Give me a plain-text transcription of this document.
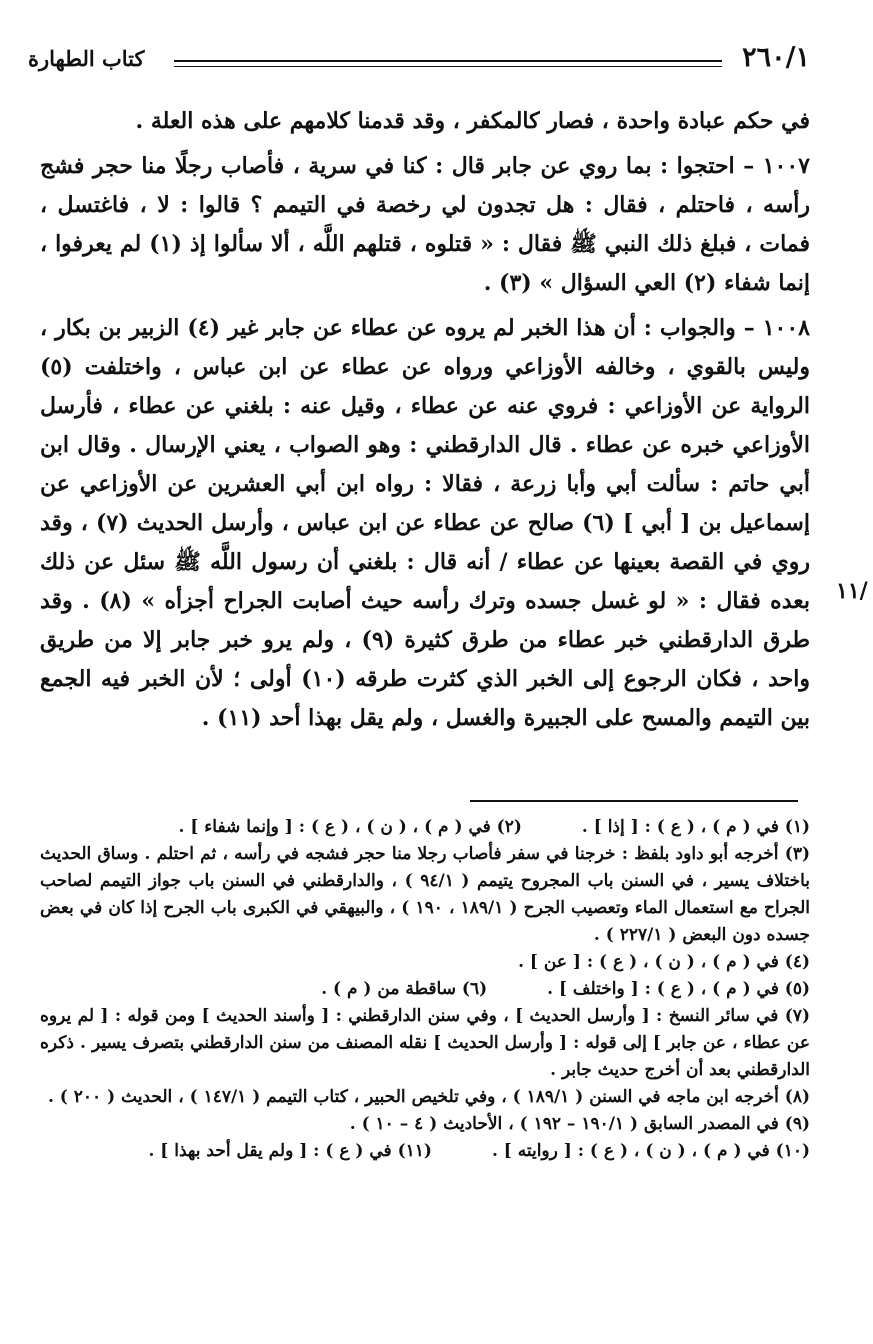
٢٦٠/١
كتاب الطهارة

في حكم عبادة واحدة ، فصار كالمكفر ، وقد قدمنا كلامهم على هذه العلة .

١٠٠٧ – احتجوا : بما روي عن جابر قال : كنا في سرية ، فأصاب رجلًا منا حجر فشج رأسه ، فاحتلم ، فقال : هل تجدون لي رخصة في التيمم ؟ قالوا : لا ، فاغتسل ، فمات ، فبلغ ذلك النبي ﷺ فقال : « قتلوه ، قتلهم اللَّه ، ألا سألوا إذ (١) لم يعرفوا ، إنما شفاء (٢) العي السؤال » (٣) .

١٠٠٨ – والجواب : أن هذا الخبر لم يروه عن عطاء عن جابر غير (٤) الزبير بن بكار ، وليس بالقوي ، وخالفه الأوزاعي ورواه عن عطاء عن ابن عباس ، واختلفت (٥) الرواية عن الأوزاعي : فروي عنه عن عطاء ، وقيل عنه : بلغني عن عطاء ، فأرسل الأوزاعي خبره عن عطاء . قال الدارقطني : وهو الصواب ، يعني الإرسال . وقال ابن أبي حاتم : سألت أبي وأبا زرعة ، فقالا : رواه ابن أبي العشرين عن الأوزاعي عن إسماعيل بن [ أبي ] (٦) صالح عن عطاء عن ابن عباس ، وأرسل الحديث (٧) ، وقد روي في القصة بعينها عن عطاء / أنه قال : بلغني أن رسول اللَّه ﷺ سئل عن ذلك بعده فقال : « لو غسل جسده وترك رأسه حيث أصابت الجراح أجزأه » (٨) . وقد طرق الدارقطني خبر عطاء من طرق كثيرة (٩) ، ولم يرو خبر جابر إلا من طريق واحد ، فكان الرجوع إلى الخبر الذي كثرت طرقه (١٠) أولى ؛ لأن الخبر فيه الجمع بين التيمم والمسح على الجبيرة والغسل ، ولم يقل بهذا أحد (١١) .

١١/
(١) في ( م ) ، ( ع ) : [ إذا ] .
(٢) في ( م ) ، ( ن ) ، ( ع ) : [ وإنما شفاء ] .

(٣) أخرجه أبو داود بلفظ : خرجنا في سفر فأصاب رجلا منا حجر فشجه في رأسه ، ثم احتلم . وساق الحديث باختلاف يسير ، في السنن باب المجروح يتيمم ( ٩٤/١ ) ، والدارقطني في السنن باب جواز التيمم لصاحب الجراح مع استعمال الماء وتعصيب الجرح ( ١٨٩/١ ، ١٩٠ ) ، والبيهقي في الكبرى باب الجرح إذا كان في بعض جسده دون البعض ( ٢٢٧/١ ) .

(٤) في ( م ) ، ( ن ) ، ( ع ) : [ عن ] .

(٥) في ( م ) ، ( ع ) : [ واختلف ] .
(٦) ساقطة من ( م ) .

(٧) في سائر النسخ : [ وأرسل الحديث ] ، وفي سنن الدارقطني : [ وأسند الحديث ] ومن قوله : [ لم يروه عن عطاء ، عن جابر ] إلى قوله : [ وأرسل الحديث ] نقله المصنف من سنن الدارقطني بتصرف يسير . ذكره الدارقطني بعد أن أخرج حديث جابر .

(٨) أخرجه ابن ماجه في السنن ( ١٨٩/١ ) ، وفي تلخيص الحبير ، كتاب التيمم ( ١٤٧/١ ) ، الحديث ( ٢٠٠ ) .

(٩) في المصدر السابق ( ١٩٠/١ – ١٩٢ ) ، الأحاديث ( ٤ – ١٠ ) .

(١٠) في ( م ) ، ( ن ) ، ( ع ) : [ روايته ] .
(١١) في ( ع ) : [ ولم يقل أحد بهذا ] .
